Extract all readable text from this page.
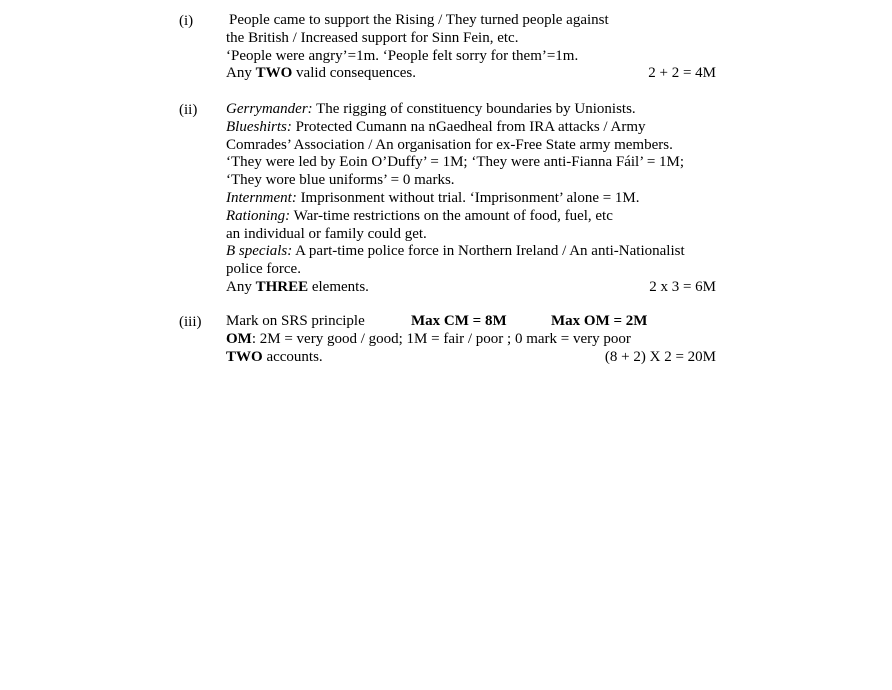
(i) People came to support the Rising / They turned people against
the British / Increased support for Sinn Fein, etc.
‘People were angry’=1m. ‘People felt sorry for them’=1m.
Any TWO valid consequences.	2 + 2 = 4M
(ii) Gerrymander: The rigging of constituency boundaries by Unionists.
Blueshirts: Protected Cumann na nGaedheal from IRA attacks / Army
Comrades’ Association / An organisation for ex-Free State army members.
‘They were led by Eoin O’Duffy’ = 1M; ‘They were anti-Fianna Fáil’ = 1M;
‘They wore blue uniforms’ = 0 marks.
Internment: Imprisonment without trial. ‘Imprisonment’ alone = 1M.
Rationing: War-time restrictions on the amount of food, fuel, etc
an individual or family could get.
B specials: A part-time police force in Northern Ireland / An anti-Nationalist
police force.
Any THREE elements.	2 x 3 = 6M
(iii) Mark on SRS principle	Max CM = 8M	Max OM = 2M
OM: 2M = very good / good; 1M = fair / poor ; 0 mark = very poor
TWO accounts.	(8 + 2) X 2 = 20M
